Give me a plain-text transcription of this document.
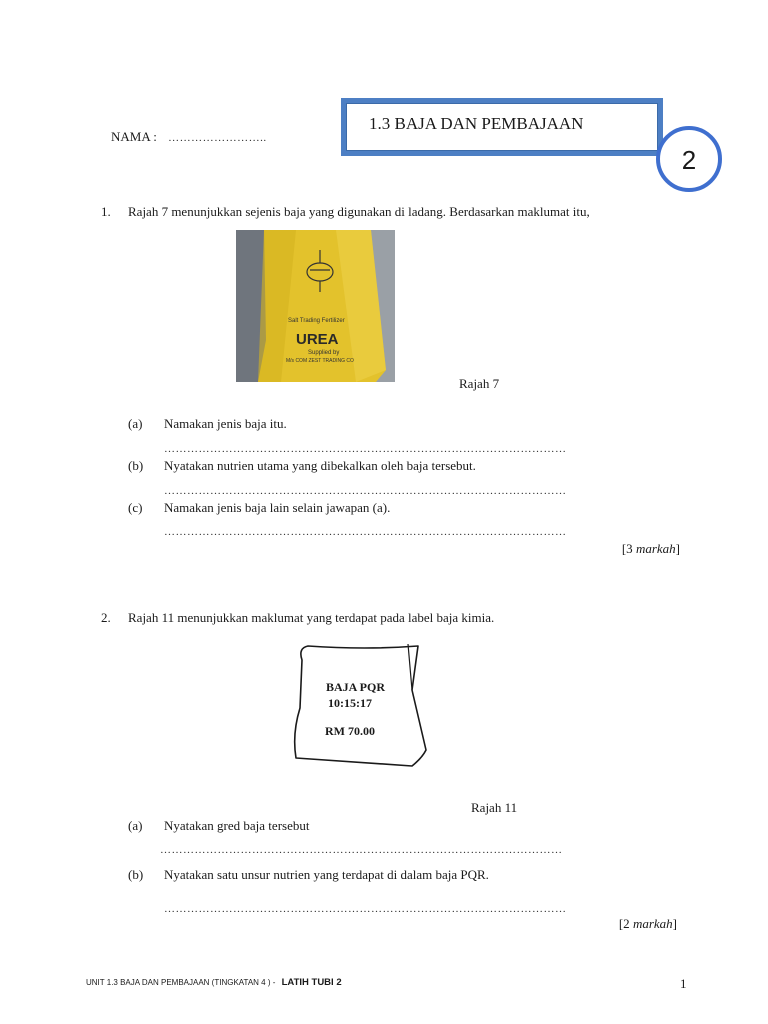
NAMA : ……………………..
1.3 BAJA DAN PEMBAJAAN
2
1. Rajah 7 menunjukkan sejenis baja yang digunakan di ladang. Berdasarkan maklumat itu,
Salt Trading Fertilizer
UREA
Supplied by
M/s COM ZEST TRADING CO
Rajah 7
(a) Namakan jenis baja itu.
……………………………………………………………………………………………
(b) Nyatakan nutrien utama yang dibekalkan oleh baja tersebut.
……………………………………………………………………………………………
(c) Namakan jenis baja lain selain jawapan (a).
……………………………………………………………………………………………
[3 markah]
2. Rajah 11 menunjukkan maklumat yang terdapat pada label baja kimia.
BAJA PQR
10:15:17
RM 70.00
Rajah 11
(a) Nyatakan gred baja tersebut
……………………………………………………………………………………………
(b) Nyatakan satu unsur nutrien yang terdapat di dalam baja PQR.
……………………………………………………………………………………………
[2 markah]
UNIT 1.3 BAJA DAN PEMBAJAAN (TINGKATAN 4 ) - LATIH TUBI 2	1
